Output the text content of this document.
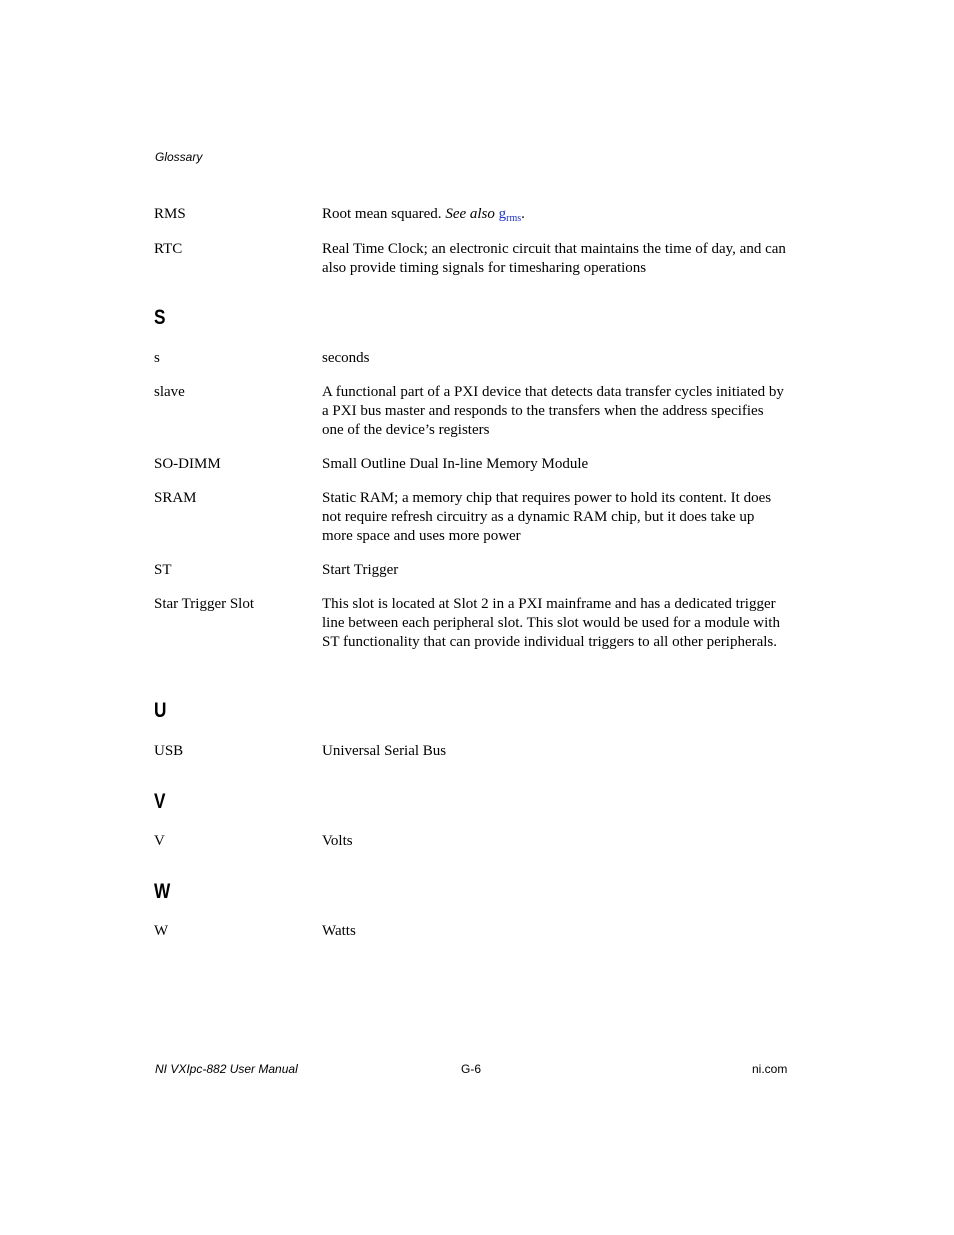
Glossary
RMS	Root mean squared. See also $g_{rms}$.
RTC	Real Time Clock; an electronic circuit that maintains the time of day, and can also provide timing signals for timesharing operations
S
s	seconds
slave	A functional part of a PXI device that detects data transfer cycles initiated by a PXI bus master and responds to the transfers when the address specifies one of the device’s registers
SO-DIMM	Small Outline Dual In-line Memory Module
SRAM	Static RAM; a memory chip that requires power to hold its content. It does not require refresh circuitry as a dynamic RAM chip, but it does take up more space and uses more power
ST	Start Trigger
Star Trigger Slot	This slot is located at Slot 2 in a PXI mainframe and has a dedicated trigger line between each peripheral slot. This slot would be used for a module with ST functionality that can provide individual triggers to all other peripherals.
U
USB	Universal Serial Bus
V
V	Volts
W
W	Watts
NI VXIpc-882 User Manual	G-6	ni.com
